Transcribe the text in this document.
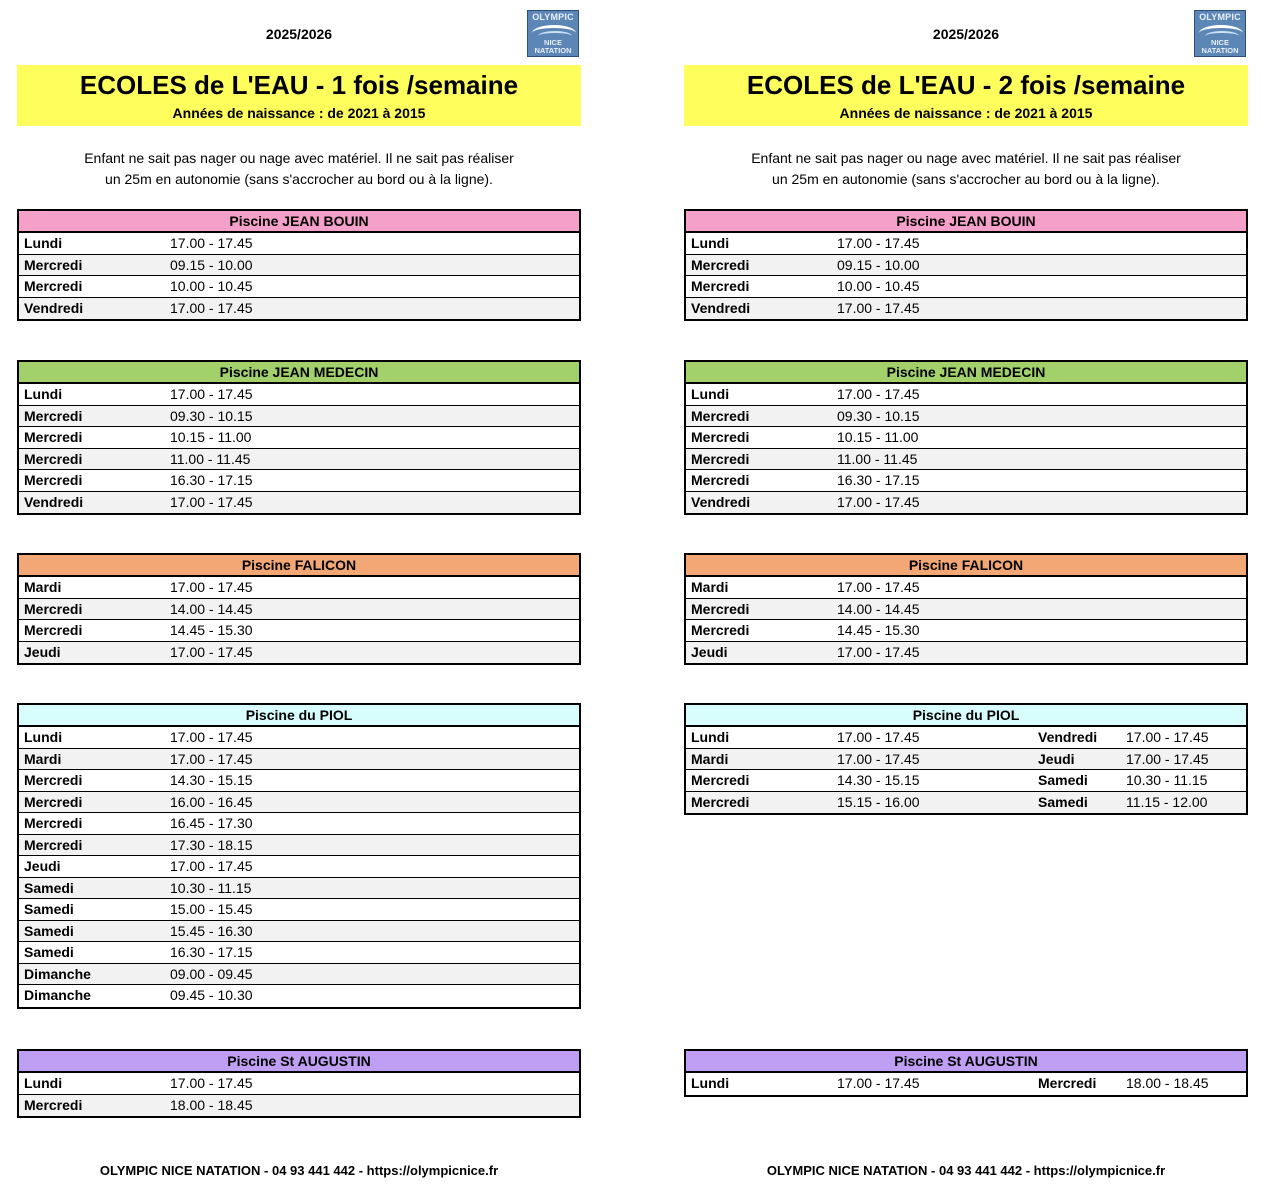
2025/2026
OLYMPIC
NICE
NATATION
ECOLES de L'EAU - 1 fois /semaine
Années de naissance : de 2021 à 2015
Enfant ne sait pas nager ou nage avec matériel. Il ne sait pas réaliser
un 25m en autonomie (sans s'accrocher au bord ou à la ligne).
Piscine JEAN BOUIN
Lundi	17.00 - 17.45
Mercredi	09.15 - 10.00
Mercredi	10.00 - 10.45
Vendredi	17.00 - 17.45
Piscine JEAN MEDECIN
Lundi	17.00 - 17.45
Mercredi	09.30 - 10.15
Mercredi	10.15 - 11.00
Mercredi	11.00 - 11.45
Mercredi	16.30 - 17.15
Vendredi	17.00 - 17.45
Piscine FALICON
Mardi	17.00 - 17.45
Mercredi	14.00 - 14.45
Mercredi	14.45 - 15.30
Jeudi	17.00 - 17.45
Piscine du PIOL
Lundi	17.00 - 17.45
Mardi	17.00 - 17.45
Mercredi	14.30 - 15.15
Mercredi	16.00 - 16.45
Mercredi	16.45 - 17.30
Mercredi	17.30 - 18.15
Jeudi	17.00 - 17.45
Samedi	10.30 - 11.15
Samedi	15.00 - 15.45
Samedi	15.45 - 16.30
Samedi	16.30 - 17.15
Dimanche	09.00 - 09.45
Dimanche	09.45 - 10.30
Piscine St AUGUSTIN
Lundi	17.00 - 17.45
Mercredi	18.00 - 18.45
OLYMPIC NICE NATATION - 04 93 441 442 - https://olympicnice.fr
2025/2026
OLYMPIC
NICE
NATATION
ECOLES de L'EAU - 2 fois /semaine
Années de naissance : de 2021 à 2015
Enfant ne sait pas nager ou nage avec matériel. Il ne sait pas réaliser
un 25m en autonomie (sans s'accrocher au bord ou à la ligne).
Piscine JEAN BOUIN
Lundi	17.00 - 17.45
Mercredi	09.15 - 10.00
Mercredi	10.00 - 10.45
Vendredi	17.00 - 17.45
Piscine JEAN MEDECIN
Lundi	17.00 - 17.45
Mercredi	09.30 - 10.15
Mercredi	10.15 - 11.00
Mercredi	11.00 - 11.45
Mercredi	16.30 - 17.15
Vendredi	17.00 - 17.45
Piscine FALICON
Mardi	17.00 - 17.45
Mercredi	14.00 - 14.45
Mercredi	14.45 - 15.30
Jeudi	17.00 - 17.45
Piscine du PIOL
Lundi	17.00 - 17.45	Vendredi 17.00 - 17.45
Mardi	17.00 - 17.45	Jeudi	17.00 - 17.45
Mercredi	14.30 - 15.15	Samedi	10.30 - 11.15
Mercredi	15.15 - 16.00	Samedi	11.15 - 12.00
Piscine St AUGUSTIN
Lundi	17.00 - 17.45	Mercredi 18.00 - 18.45
OLYMPIC NICE NATATION - 04 93 441 442 - https://olympicnice.fr
